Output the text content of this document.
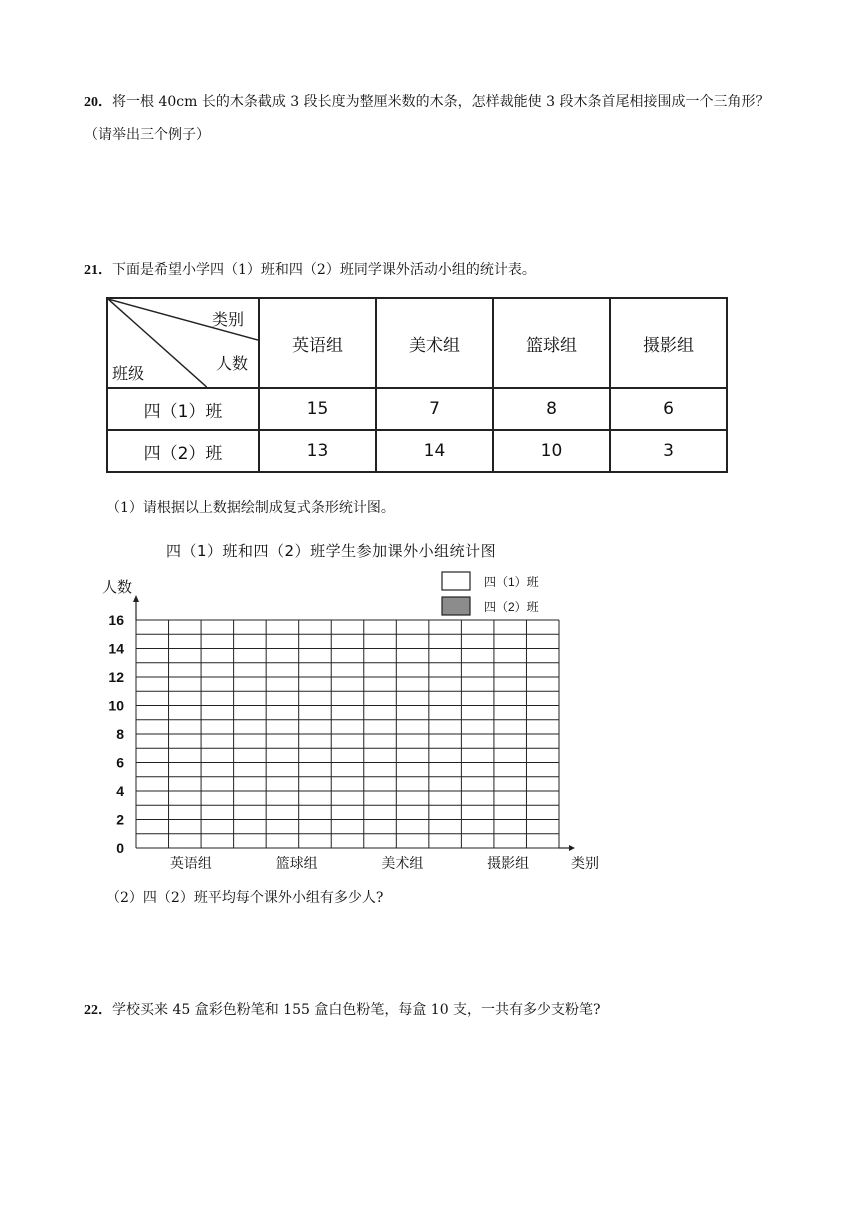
20．将一根 40cm 长的木条截成 3 段长度为整厘米数的木条，怎样裁能使 3 段木条首尾相接围成一个三角形？（请举出三个例子）

21．下面是希望小学四（1）班和四（2）班同学课外活动小组的统计表。

类别
人数
班级	英语组	美术组	篮球组	摄影组
四（1）班	15	7	8	6
四（2）班	13	14	10	3

（1）请根据以上数据绘制成复式条形统计图。

四（1）班和四（2）班学生参加课外小组统计图
16
14
12
10
8
6
4
2
0
人数
英语组	篮球组	美术组	摄影组	类别
四（1）班
四（2）班

（2）四（2）班平均每个课外小组有多少人?

22．学校买来 45 盒彩色粉笔和 155 盒白色粉笔，每盒 10 支，一共有多少支粉笔?
